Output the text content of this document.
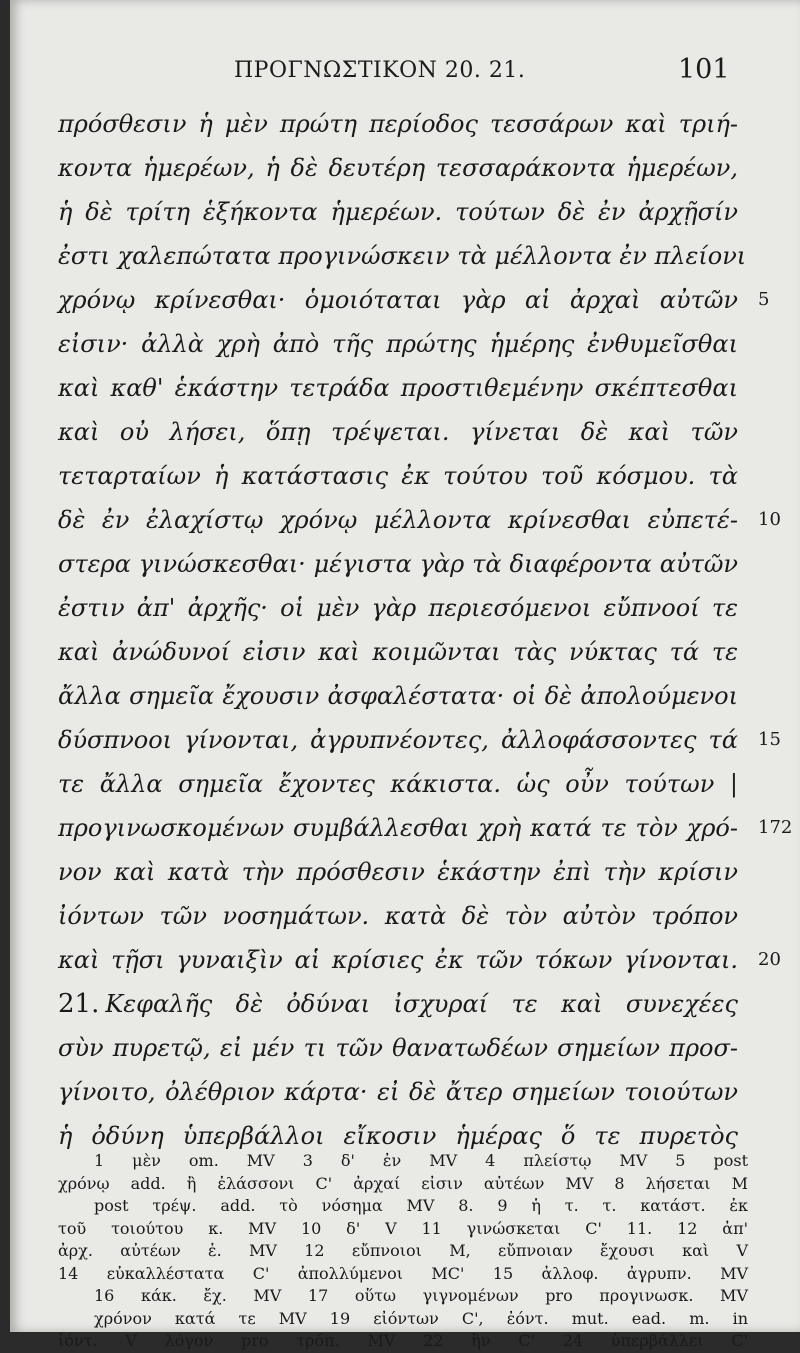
ΠΡΟΓΝΩΣΤΙΚΟΝ 20. 21.	101
πρόσθεσιν ἡ μὲν πρώτη περίοδος τεσσάρων καὶ τριή-
κοντα ἡμερέων, ἡ δὲ δευτέρη τεσσαράκοντα ἡμερέων,
ἡ δὲ τρίτη ἑξήκοντα ἡμερέων. τούτων δὲ ἐν ἀρχῇσίν
ἐστι χαλεπώτατα προγινώσκειν τὰ μέλλοντα ἐν πλείονι
χρόνῳ κρίνεσθαι· ὁμοιόταται γὰρ αἱ ἀρχαὶ αὐτῶν 5
εἰσιν· ἀλλὰ χρὴ ἀπὸ τῆς πρώτης ἡμέρης ἐνθυμεῖσθαι
καὶ καθ' ἑκάστην τετράδα προστιθεμένην σκέπτεσθαι
καὶ οὐ λήσει, ὅπῃ τρέψεται. γίνεται δὲ καὶ τῶν
τεταρταίων ἡ κατάστασις ἐκ τούτου τοῦ κόσμου. τὰ
δὲ ἐν ἐλαχίστῳ χρόνῳ μέλλοντα κρίνεσθαι εὐπετέ- 10
στερα γινώσκεσθαι· μέγιστα γὰρ τὰ διαφέροντα αὐτῶν
ἐστιν ἀπ' ἀρχῆς· οἱ μὲν γὰρ περιεσόμενοι εὔπνοοί τε
καὶ ἀνώδυνοί εἰσιν καὶ κοιμῶνται τὰς νύκτας τά τε
ἄλλα σημεῖα ἔχουσιν ἀσφαλέστατα· οἱ δὲ ἀπολούμενοι
δύσπνοοι γίνονται, ἀγρυπνέοντες, ἀλλοφάσσοντες τά 15
τε ἄλλα σημεῖα ἔχοντες κάκιστα. ὡς οὖν τούτων |
προγινωσκομένων συμβάλλεσθαι χρὴ κατά τε τὸν χρό- 172
νον καὶ κατὰ τὴν πρόσθεσιν ἑκάστην ἐπὶ τὴν κρίσιν
ἰόντων τῶν νοσημάτων. κατὰ δὲ τὸν αὐτὸν τρόπον
καὶ τῇσι γυναιξὶν αἱ κρίσιες ἐκ τῶν τόκων γίνονται. 20
21. Κεφαλῆς δὲ ὀδύναι ἰσχυραί τε καὶ συνεχέες
σὺν πυρετῷ, εἰ μέν τι τῶν θανατωδέων σημείων προσ-
γίνοιτο, ὀλέθριον κάρτα· εἰ δὲ ἄτερ σημείων τοιούτων
ἡ ὀδύνη ὑπερβάλλοι εἴκοσιν ἡμέρας ὅ τε πυρετὸς
1 μὲν om. MV 3 δ' ἐν MV 4 πλείστῳ MV 5 post
χρόνῳ add. ἢ ἐλάσσονι C' ἀρχαί εἰσιν αὐτέων MV 8 λήσεται M
post τρέψ. add. τὸ νόσημα MV 8. 9 ἡ τ. τ. κατάστ. ἐκ
τοῦ τοιούτου κ. MV 10 δ' V 11 γινώσκεται C' 11. 12 ἀπ'
ἀρχ. αὐτέων ἐ. MV 12 εὔπνοιοι M, εὔπνοιαν ἔχουσι καὶ V
14 εὐκαλλέστατα C' ἀπολλύμενοι MC' 15 ἀλλοφ. ἀγρυπν. MV
16 κάκ. ἔχ. MV 17 οὕτω γιγνομένων pro προγινωσκ. MV
χρόνον κατά τε MV 19 εἰόντων C', ἐόντ. mut. ead. m. in
ἰόντ. V λόγον pro τρόπ. MV 22 ἢν C' 24 ὑπερβάλλει C'
